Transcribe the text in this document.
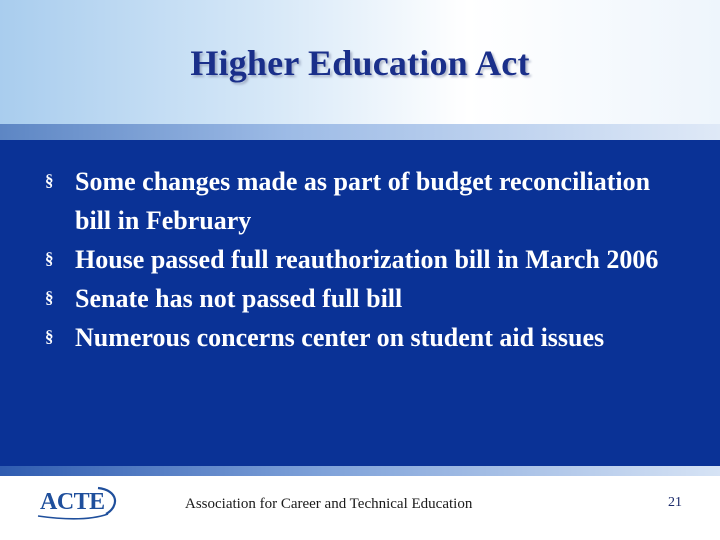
Higher Education Act
§ Some changes made as part of budget reconciliation bill in February
§ House passed full reauthorization bill in March 2006
§ Senate has not passed full bill
§ Numerous concerns center on student aid issues
ACTE	Association for Career and Technical Education	21
